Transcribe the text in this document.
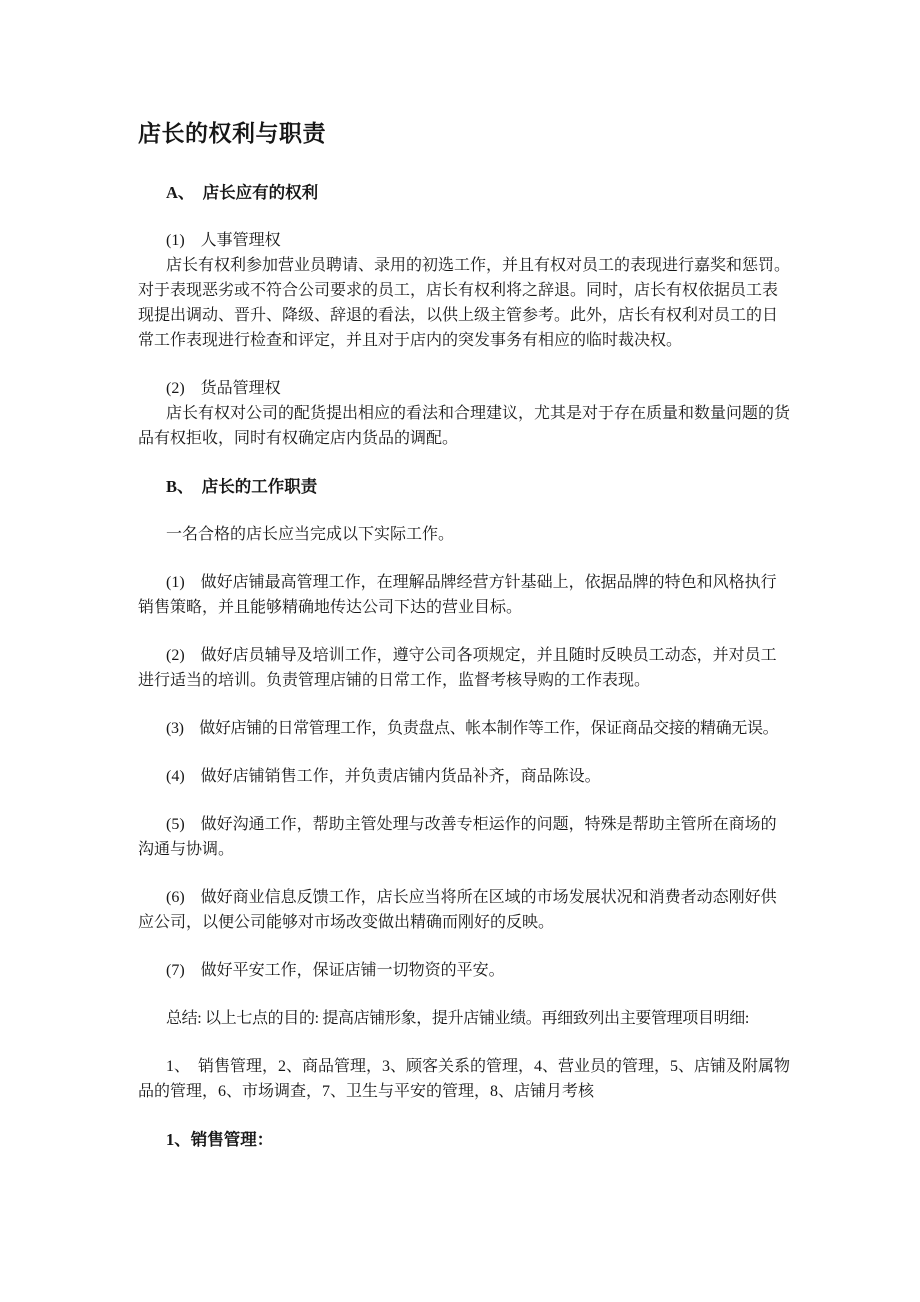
店长的权利与职责
A、　店长应有的权利
(1)　人事管理权
店长有权利参加营业员聘请、录用的初选工作，并且有权对员工的表现进行嘉奖和惩罚。对于表现恶劣或不符合公司要求的员工，店长有权利将之辞退。同时，店长有权依据员工表现提出调动、晋升、降级、辞退的看法，以供上级主管参考。此外，店长有权利对员工的日常工作表现进行检查和评定，并且对于店内的突发事务有相应的临时裁决权。
(2)　货品管理权
店长有权对公司的配货提出相应的看法和合理建议，尤其是对于存在质量和数量问题的货品有权拒收，同时有权确定店内货品的调配。
B、　店长的工作职责
一名合格的店长应当完成以下实际工作。
(1)　做好店铺最高管理工作，在理解品牌经营方针基础上，依据品牌的特色和风格执行销售策略，并且能够精确地传达公司下达的营业目标。
(2)　做好店员辅导及培训工作，遵守公司各项规定，并且随时反映员工动态，并对员工进行适当的培训。负责管理店铺的日常工作，监督考核导购的工作表现。
(3)　做好店铺的日常管理工作，负责盘点、帐本制作等工作，保证商品交接的精确无误。
(4)　做好店铺销售工作，并负责店铺内货品补齐，商品陈设。
(5)　做好沟通工作，帮助主管处理与改善专柜运作的问题，特殊是帮助主管所在商场的沟通与协调。
(6)　做好商业信息反馈工作，店长应当将所在区域的市场发展状况和消费者动态刚好供应公司，以便公司能够对市场改变做出精确而刚好的反映。
(7)　做好平安工作，保证店铺一切物资的平安。
总结: 以上七点的目的: 提高店铺形象，提升店铺业绩。再细致列出主要管理项目明细:
1、　销售管理，2、商品管理，3、顾客关系的管理，4、营业员的管理，5、店铺及附属物品的管理，6、市场调查，7、卫生与平安的管理，8、店铺月考核
1、销售管理：
